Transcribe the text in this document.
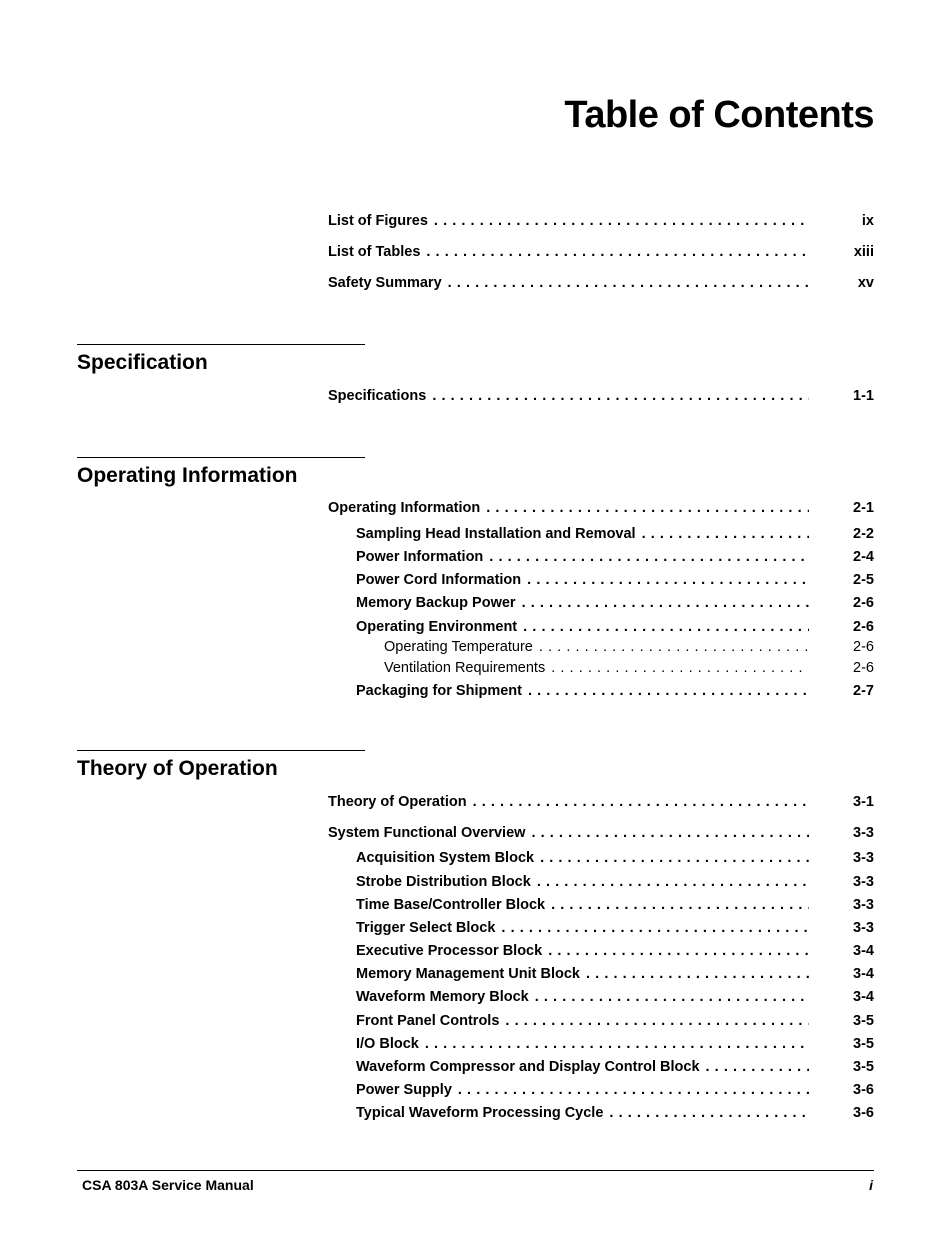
Table of Contents
List of Figures . . .	ix
List of Tables . . .	xiii
Safety Summary . . .	xv
Specification
Specifications . . .	1-1
Operating Information
Operating Information . . .	2-1
Sampling Head Installation and Removal . . .	2-2
Power Information . . .	2-4
Power Cord Information . . .	2-5
Memory Backup Power . . .	2-6
Operating Environment . . .	2-6
Operating Temperature . . .	2-6
Ventilation Requirements . . .	2-6
Packaging for Shipment . . .	2-7
Theory of Operation
Theory of Operation . . .	3-1
System Functional Overview . . .	3-3
Acquisition System Block . . .	3-3
Strobe Distribution Block . . .	3-3
Time Base/Controller Block . . .	3-3
Trigger Select Block . . .	3-3
Executive Processor Block . . .	3-4
Memory Management Unit Block . . .	3-4
Waveform Memory Block . . .	3-4
Front Panel Controls . . .	3-5
I/O Block . . .	3-5
Waveform Compressor and Display Control Block . . .	3-5
Power Supply . . .	3-6
Typical Waveform Processing Cycle . . .	3-6
CSA 803A Service Manual	i
